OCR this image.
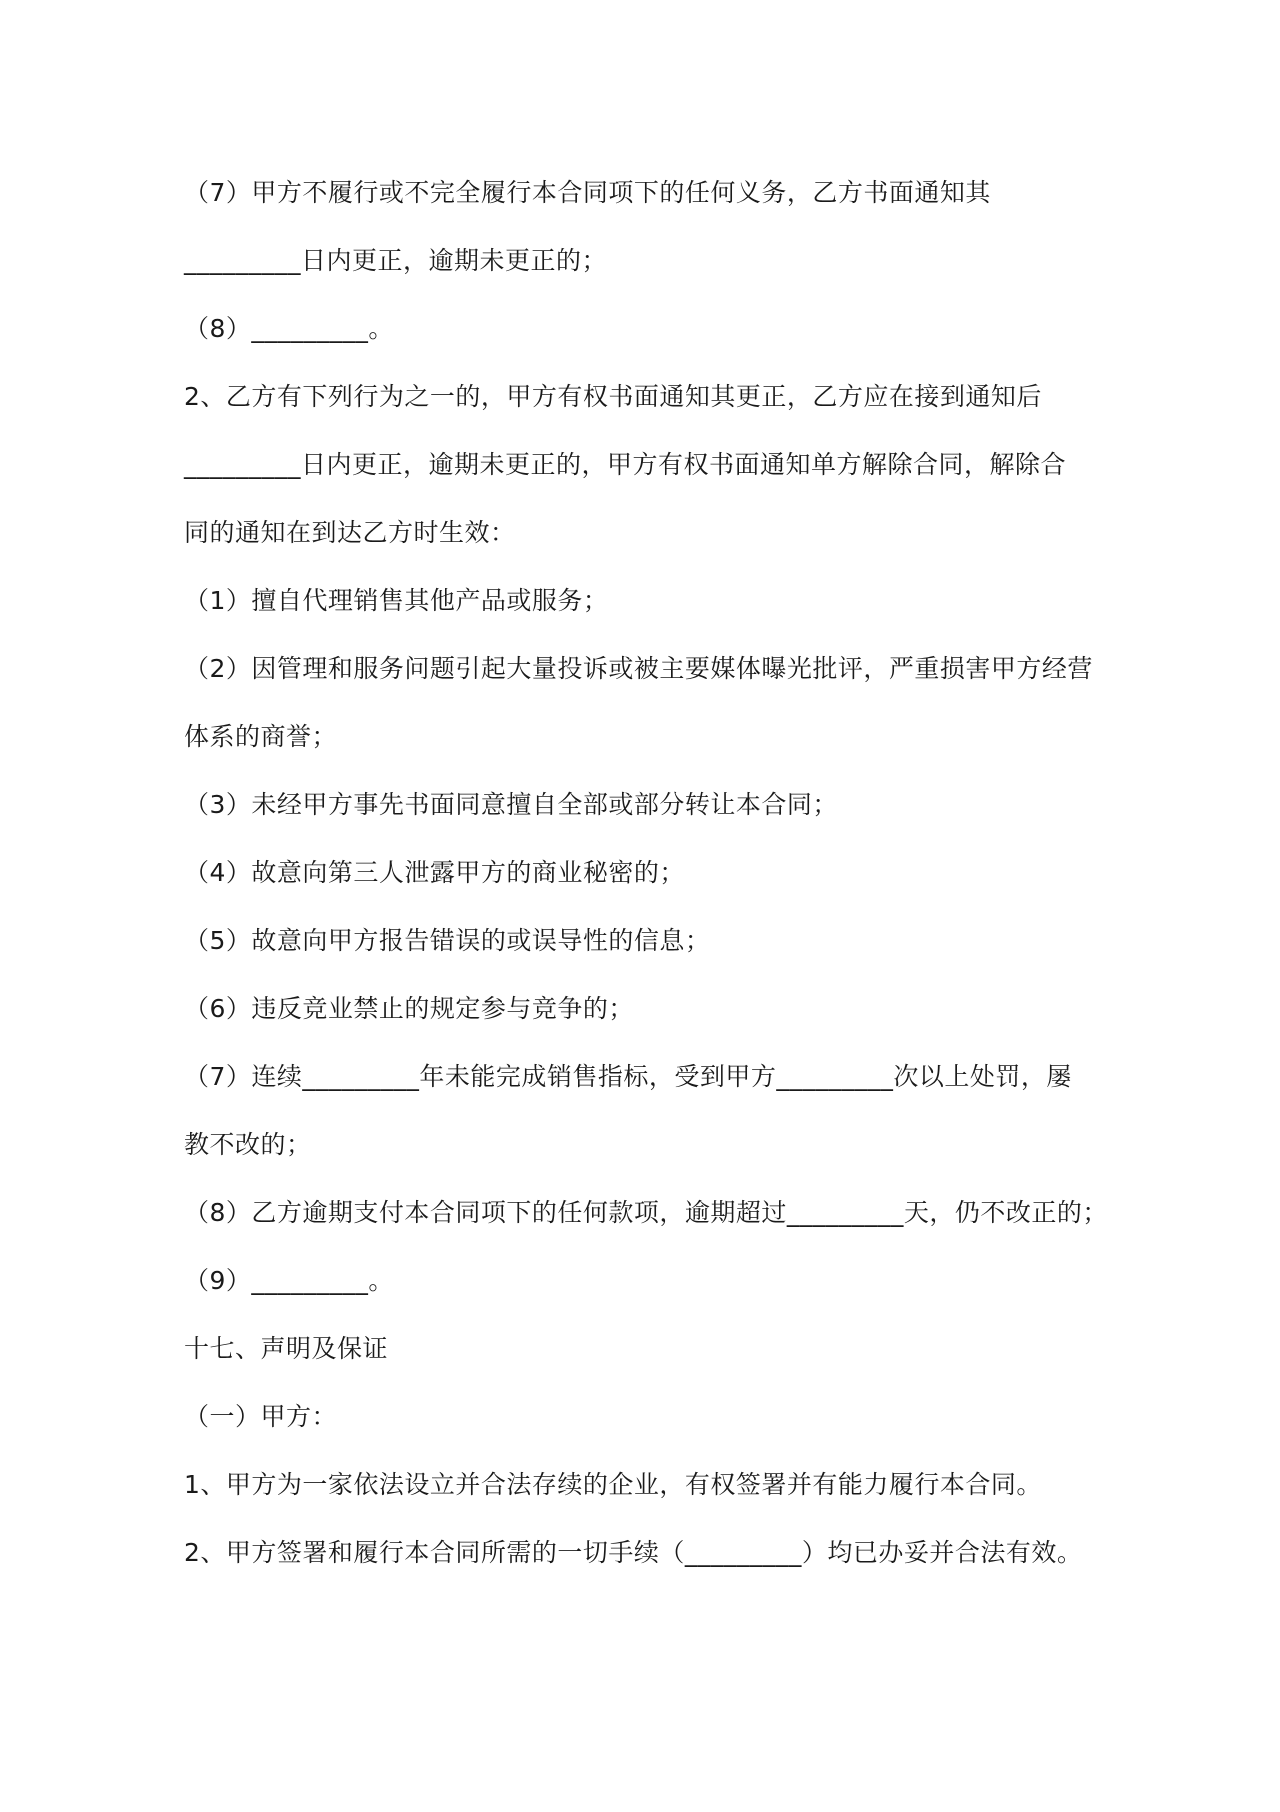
（7）甲方不履行或不完全履行本合同项下的任何义务，乙方书面通知其
_________日内更正，逾期未更正的；
（8）_________。
2、乙方有下列行为之一的，甲方有权书面通知其更正，乙方应在接到通知后
_________日内更正，逾期未更正的，甲方有权书面通知单方解除合同，解除合
同的通知在到达乙方时生效：
（1）擅自代理销售其他产品或服务；
（2）因管理和服务问题引起大量投诉或被主要媒体曝光批评，严重损害甲方经营
体系的商誉；
（3）未经甲方事先书面同意擅自全部或部分转让本合同；
（4）故意向第三人泄露甲方的商业秘密的；
（5）故意向甲方报告错误的或误导性的信息；
（6）违反竞业禁止的规定参与竞争的；
（7）连续_________年未能完成销售指标，受到甲方_________次以上处罚，屡
教不改的；
（8）乙方逾期支付本合同项下的任何款项，逾期超过_________天，仍不改正的；
（9）_________。
十七、声明及保证
（一）甲方：
1、甲方为一家依法设立并合法存续的企业，有权签署并有能力履行本合同。
2、甲方签署和履行本合同所需的一切手续（_________）均已办妥并合法有效。
